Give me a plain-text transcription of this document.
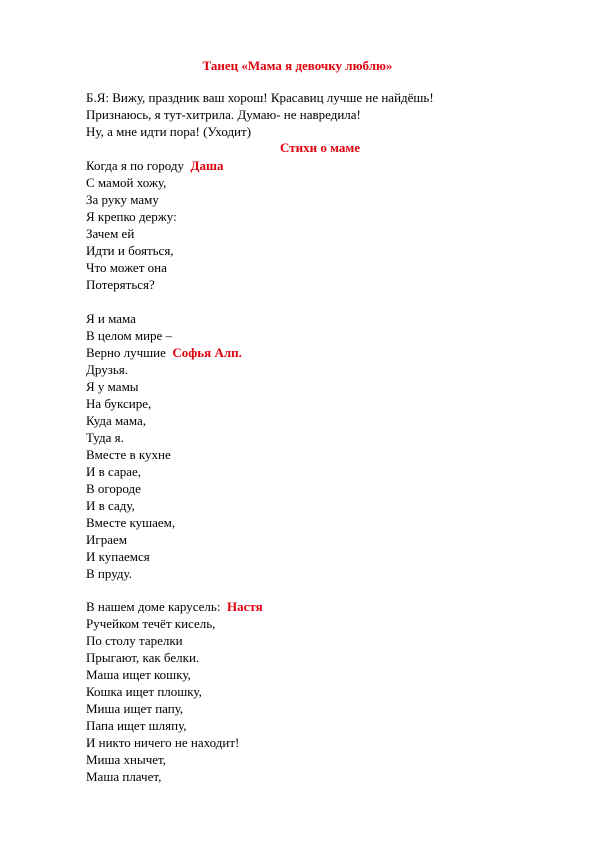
Танец «Мама я девочку люблю»
Б.Я: Вижу, праздник ваш хорош! Красавиц лучше не найдёшь!
Признаюсь, я тут-хитрила. Думаю- не навредила!
Ну, а мне идти пора! (Уходит)
Стихи о маме
Когда я по городу Даша
С мамой хожу,
За руку маму
Я крепко держу:
Зачем ей
Идти и бояться,
Что может она
Потеряться?
Я и мама
В целом мире –
Верно лучшие Софья Алп.
Друзья.
Я у мамы
На буксире,
Куда мама,
Туда я.
Вместе в кухне
И в сарае,
В огороде
И в саду,
Вместе кушаем,
Играем
И купаемся
В пруду.
В нашем доме карусель: Настя
Ручейком течёт кисель,
По столу тарелки
Прыгают, как белки.
Маша ищет кошку,
Кошка ищет плошку,
Миша ищет папу,
Папа ищет шляпу,
И никто ничего не находит!
Миша хнычет,
Маша плачет,
